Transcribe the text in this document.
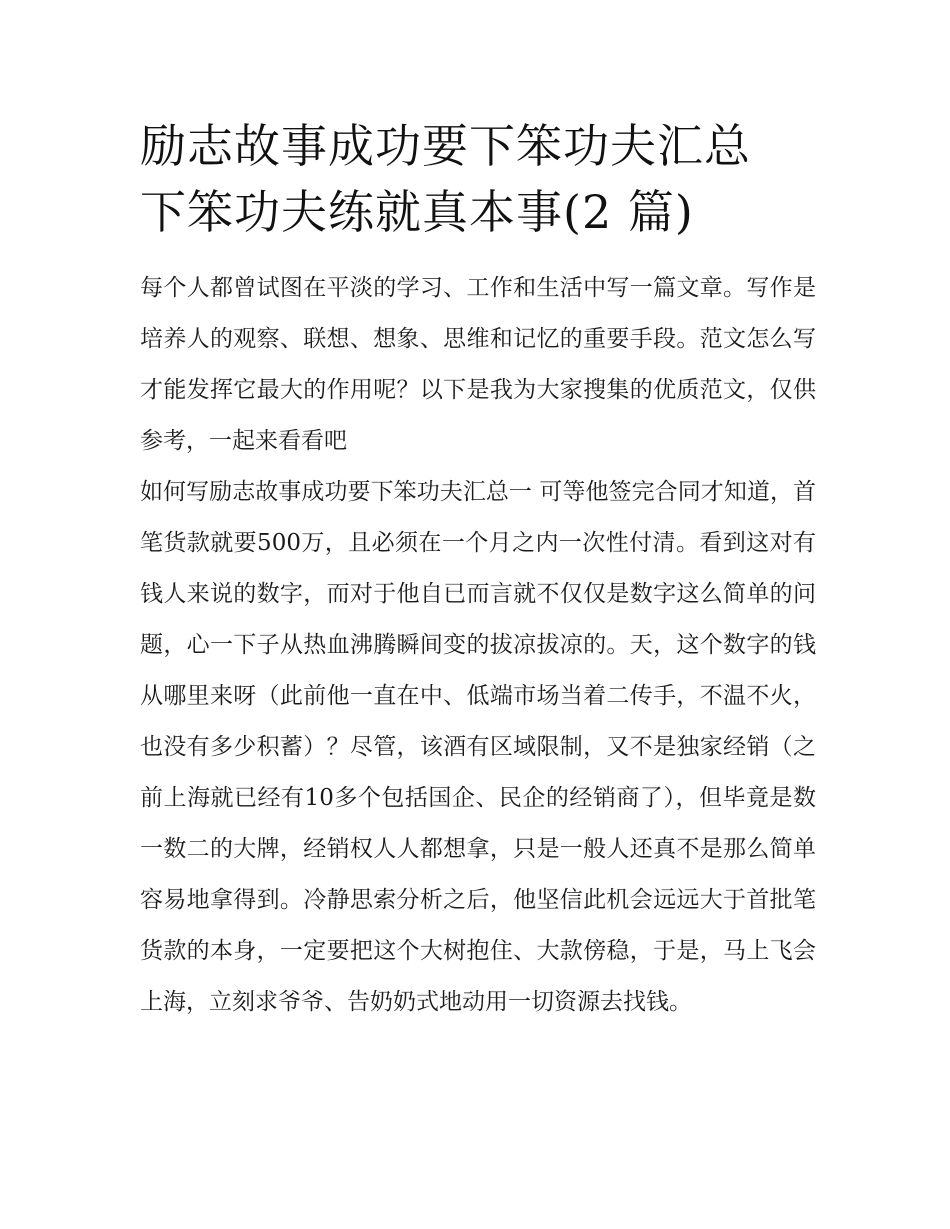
励志故事成功要下笨功夫汇总
下笨功夫练就真本事(2 篇)

每个人都曾试图在平淡的学习、工作和生活中写一篇文章。写作是培养人的观察、联想、想象、思维和记忆的重要手段。范文怎么写才能发挥它最大的作用呢？以下是我为大家搜集的优质范文，仅供参考，一起来看看吧

如何写励志故事成功要下笨功夫汇总一 可等他签完合同才知道，首笔货款就要500万，且必须在一个月之内一次性付清。看到这对有钱人来说的数字，而对于他自已而言就不仅仅是数字这么简单的问题，心一下子从热血沸腾瞬间变的拔凉拔凉的。天，这个数字的钱从哪里来呀（此前他一直在中、低端市场当着二传手，不温不火，也没有多少积蓄）？尽管，该酒有区域限制，又不是独家经销（之前上海就已经有10多个包括国企、民企的经销商了），但毕竟是数一数二的大牌，经销权人人都想拿，只是一般人还真不是那么简单容易地拿得到。冷静思索分析之后，他坚信此机会远远大于首批笔货款的本身，一定要把这个大树抱住、大款傍稳，于是，马上飞会上海，立刻求爷爷、告奶奶式地动用一切资源去找钱。
